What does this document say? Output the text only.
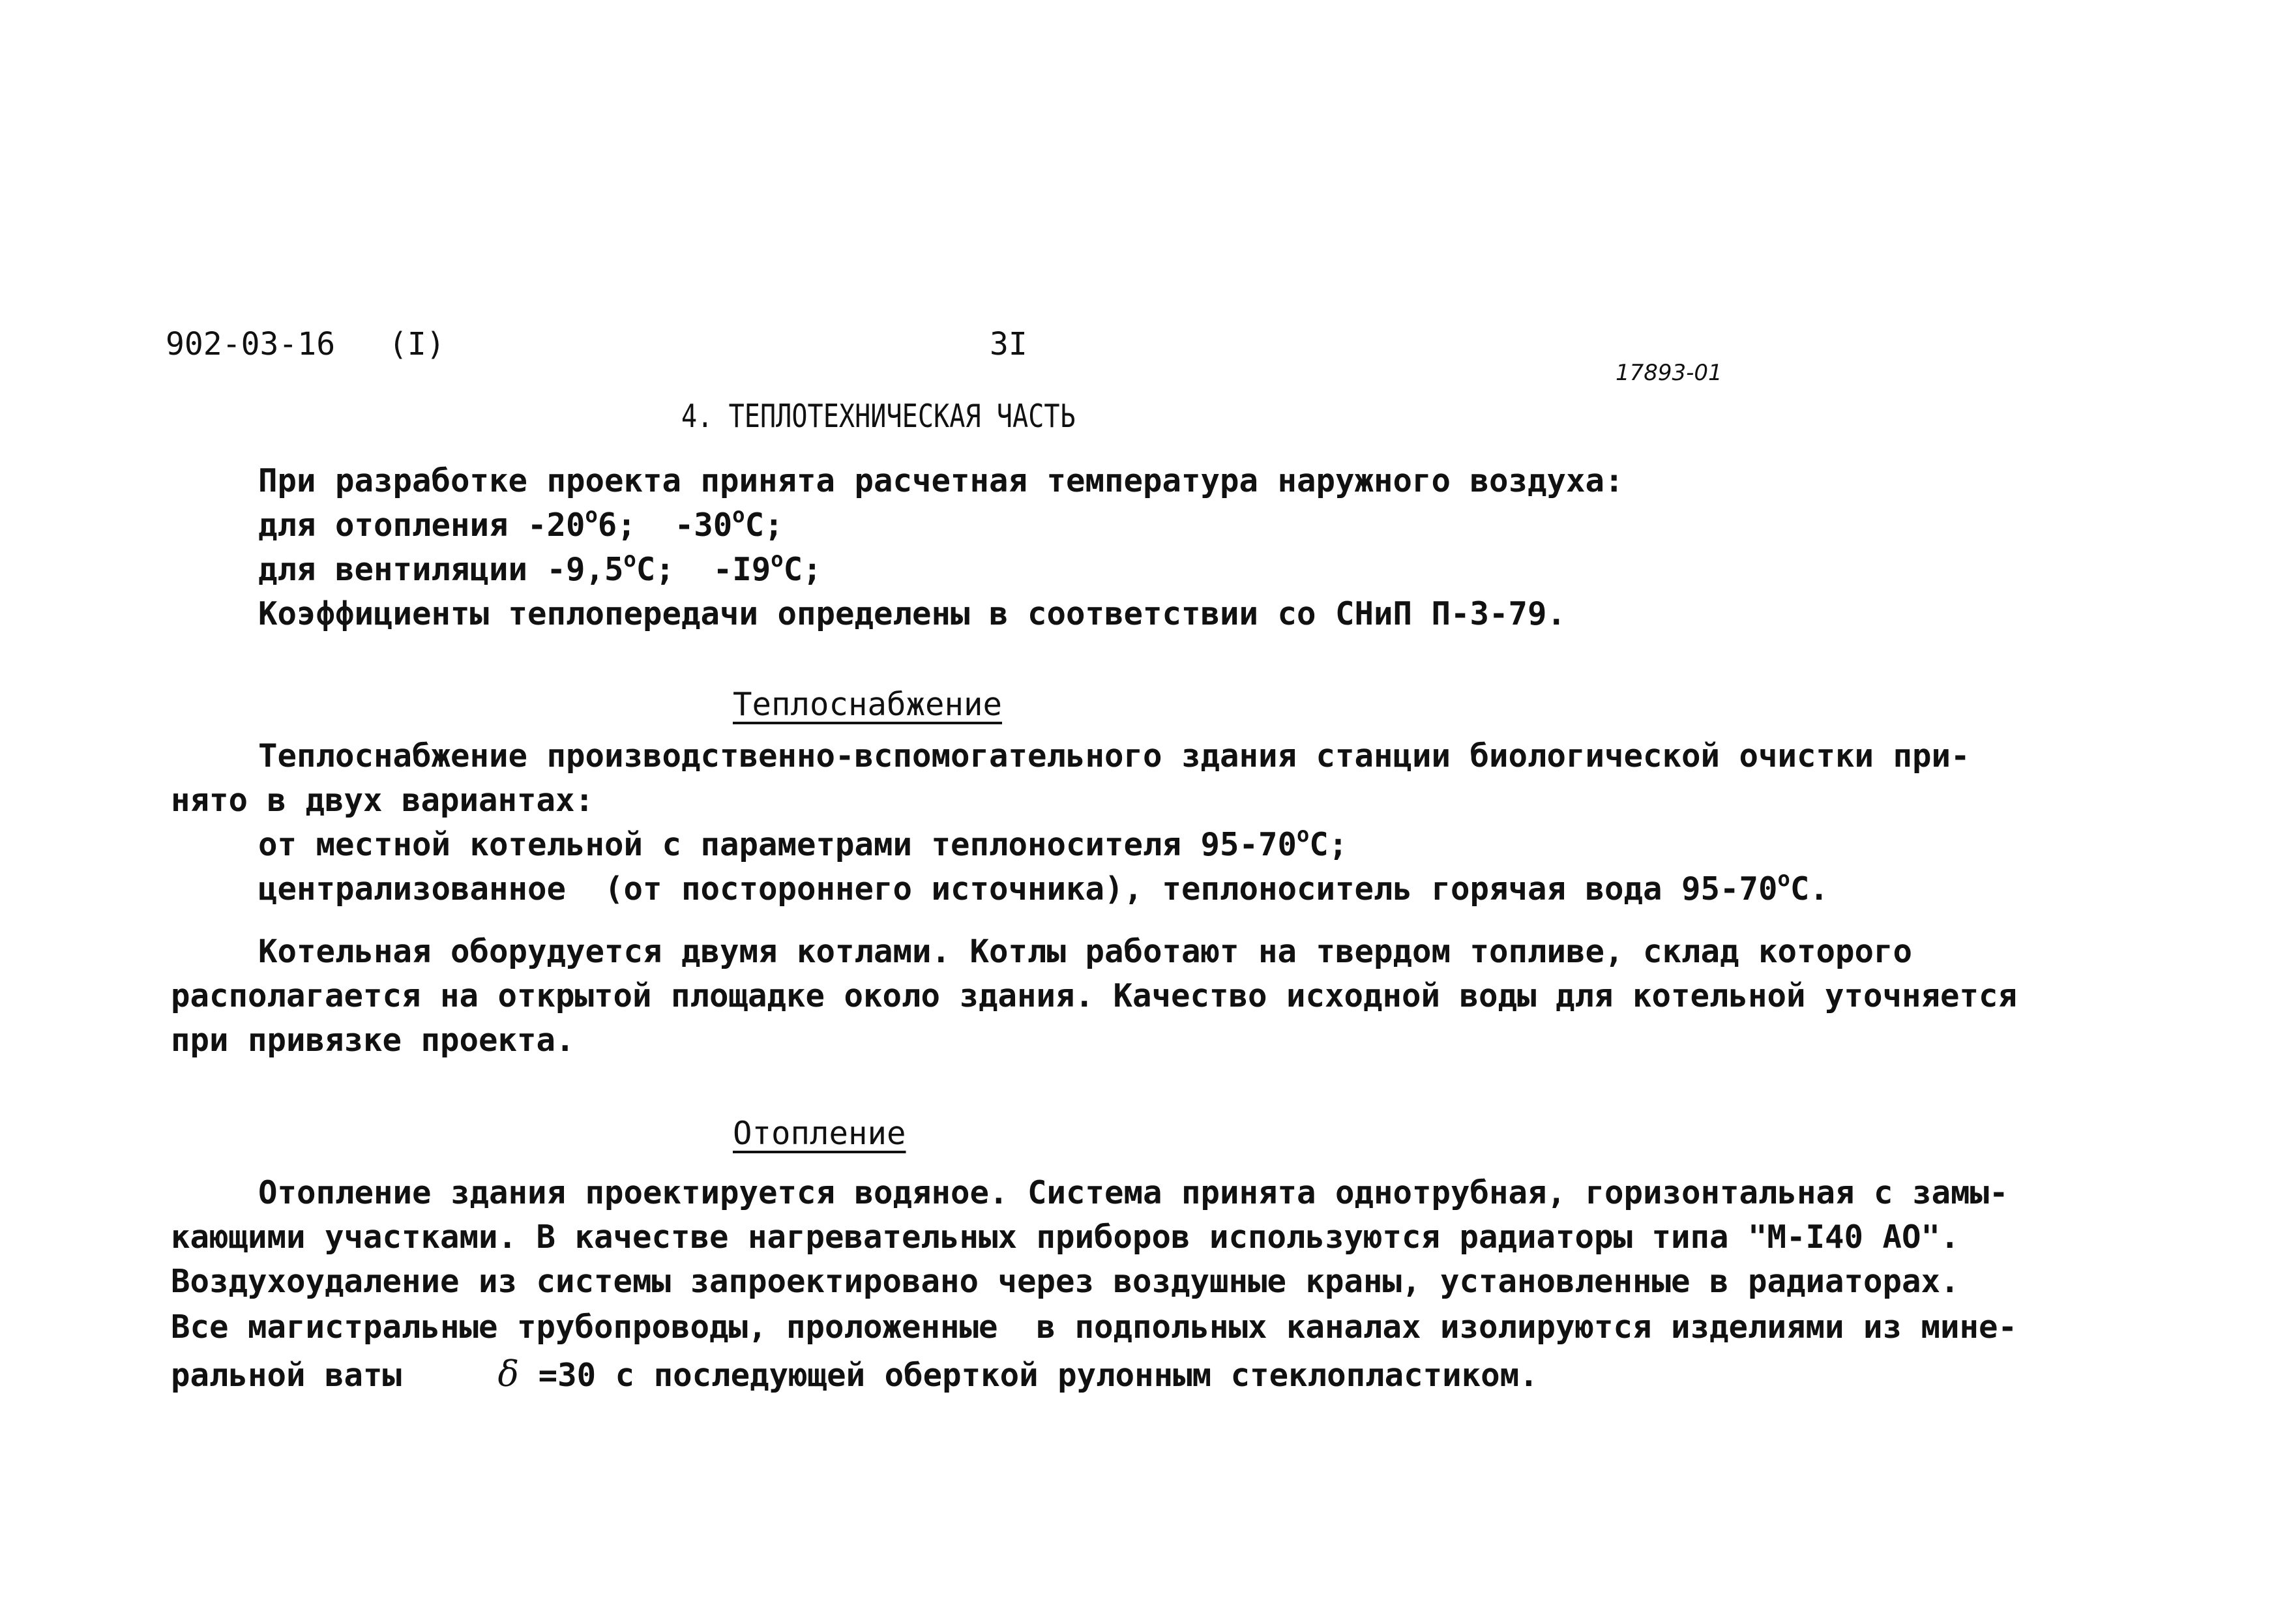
902-03-16 (I)	3I
17893-01
4. ТЕПЛОТЕХНИЧЕСКАЯ ЧАСТЬ
При разработке проекта принята расчетная температура наружного воздуха:
для отопления $-20^о6$;  $-30^оС$;
для вентиляции $-9,5^оС$;  $-I9^оС$;
Коэффициенты теплопередачи определены в соответствии со СНиП П-3-79.
Теплоснабжение
Теплоснабжение производственно-вспомогательного здания станции биологической очистки при-
нято в двух вариантах:
от местной котельной с параметрами теплоносителя $95-70^оС$;
централизованное  (от постороннего источника), теплоноситель горячая вода $95-70^оС$.
Котельная оборудуется двумя котлами. Котлы работают на твердом топливе, склад которого
располагается на открытой площадке около здания. Качество исходной воды для котельной уточняется
при привязке проекта.
Отопление
Отопление здания проектируется водяное. Система принята однотрубная, горизонтальная с замы-
кающими участками. В качестве нагревательных приборов используются радиаторы типа "М-I40 АО".
Воздухоудаление из системы запроектировано через воздушные краны, установленные в радиаторах.
Все магистральные трубопроводы, проложенные  в подпольных каналах изолируются изделиями из мине-
ральной ваты	δ =30 с последующей оберткой рулонным стеклопластиком.
